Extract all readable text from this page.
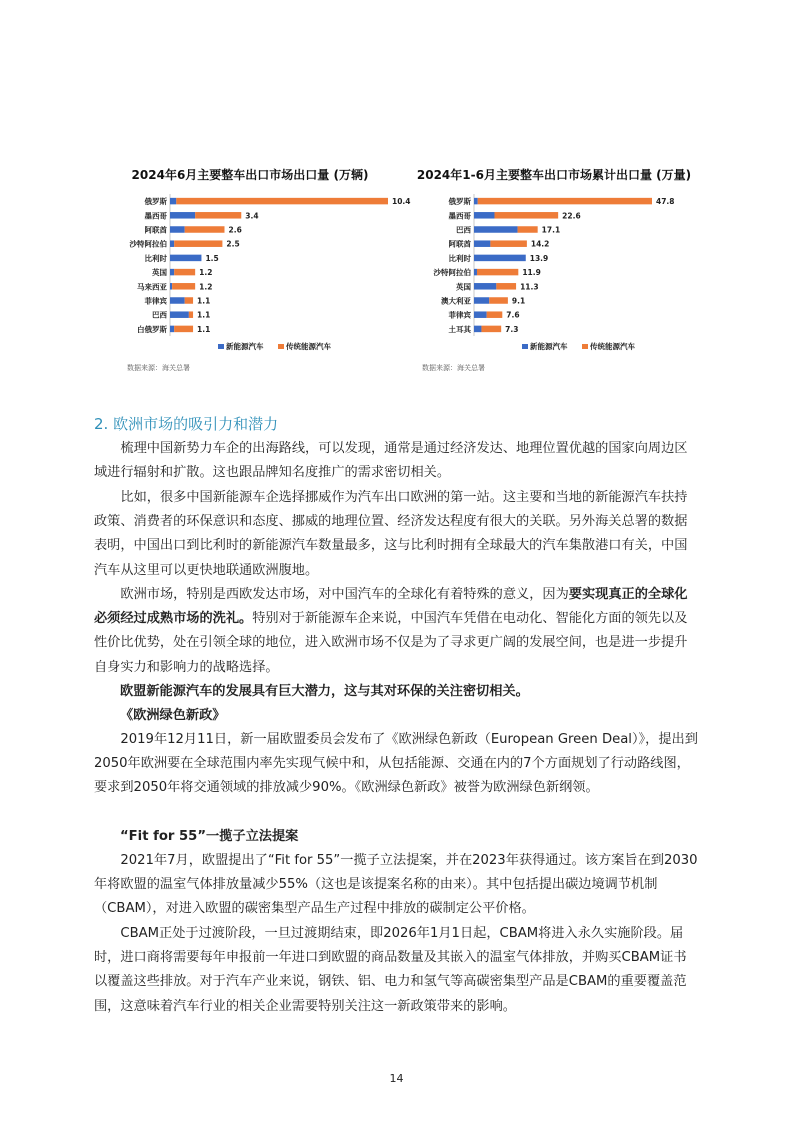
2024年6月主要整车出口市场出口量 (万辆)
俄罗斯	10.4
墨西哥	3.4
阿联酋	2.6
沙特阿拉伯	2.5
比利时	1.5
英国	1.2
马来西亚	1.2
菲律宾	1.1
巴西	1.1
白俄罗斯	1.1
新能源汽车	传统能源汽车
数据来源：海关总署
2024年1-6月主要整车出口市场累计出口量 (万量)
俄罗斯	47.8
墨西哥	22.6
巴西	17.1
阿联酋	14.2
比利时	13.9
沙特阿拉伯	11.9
英国	11.3
澳大利亚	9.1
菲律宾	7.6
土耳其	7.3
新能源汽车	传统能源汽车
数据来源：海关总署
2. 欧洲市场的吸引力和潜力
梳理中国新势力车企的出海路线，可以发现，通常是通过经济发达、地理位置优越的国家向周边区域进行辐射和扩散。这也跟品牌知名度推广的需求密切相关。
比如，很多中国新能源车企选择挪威作为汽车出口欧洲的第一站。这主要和当地的新能源汽车扶持政策、消费者的环保意识和态度、挪威的地理位置、经济发达程度有很大的关联。另外海关总署的数据表明，中国出口到比利时的新能源汽车数量最多，这与比利时拥有全球最大的汽车集散港口有关，中国汽车从这里可以更快地联通欧洲腹地。
欧洲市场，特别是西欧发达市场，对中国汽车的全球化有着特殊的意义，因为要实现真正的全球化必须经过成熟市场的洗礼。特别对于新能源车企来说，中国汽车凭借在电动化、智能化方面的领先以及性价比优势，处在引领全球的地位，进入欧洲市场不仅是为了寻求更广阔的发展空间，也是进一步提升自身实力和影响力的战略选择。
欧盟新能源汽车的发展具有巨大潜力，这与其对环保的关注密切相关。
《欧洲绿色新政》
2019年12月11日，新一届欧盟委员会发布了《欧洲绿色新政（European Green Deal）》，提出到2050年欧洲要在全球范围内率先实现气候中和，从包括能源、交通在内的7个方面规划了行动路线图，要求到2050年将交通领域的排放减少90%。《欧洲绿色新政》被誉为欧洲绿色新纲领。
“Fit for 55”一揽子立法提案
2021年7月，欧盟提出了“Fit for 55”一揽子立法提案，并在2023年获得通过。该方案旨在到2030年将欧盟的温室气体排放量减少55%（这也是该提案名称的由来）。其中包括提出碳边境调节机制（CBAM），对进入欧盟的碳密集型产品生产过程中排放的碳制定公平价格。
CBAM正处于过渡阶段，一旦过渡期结束，即2026年1月1日起，CBAM将进入永久实施阶段。届时，进口商将需要每年申报前一年进口到欧盟的商品数量及其嵌入的温室气体排放，并购买CBAM证书以覆盖这些排放。对于汽车产业来说，钢铁、铝、电力和氢气等高碳密集型产品是CBAM的重要覆盖范围，这意味着汽车行业的相关企业需要特别关注这一新政策带来的影响。
14
